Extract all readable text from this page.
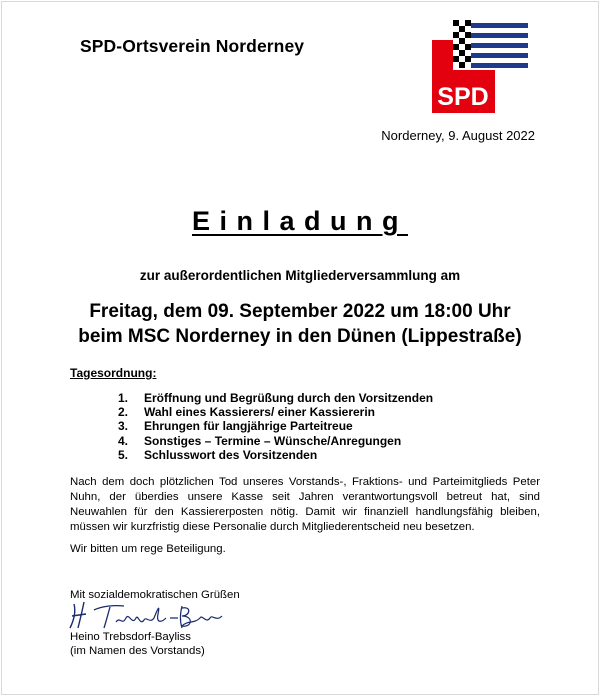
SPD-Ortsverein Norderney
SPD
Norderney, 9. August 2022
Einladung
zur außerordentlichen Mitgliederversammlung am
Freitag, dem 09. September 2022 um 18:00 Uhr
beim MSC Norderney in den Dünen (Lippestraße)
Tagesordnung:
1.	Eröffnung und Begrüßung durch den Vorsitzenden
2.	Wahl eines Kassierers/ einer Kassiererin
3.	Ehrungen für langjährige Parteitreue
4.	Sonstiges – Termine – Wünsche/Anregungen
5.	Schlusswort des Vorsitzenden

Nach dem doch plötzlichen Tod unseres Vorstands-, Fraktions- und Parteimitglieds Peter Nuhn, der überdies unsere Kasse seit Jahren verantwortungsvoll betreut hat, sind Neuwahlen für den Kassiererposten nötig. Damit wir finanziell handlungsfähig bleiben, müssen wir kurzfristig diese Personalie durch Mitgliederentscheid neu besetzen.

Wir bitten um rege Beteiligung.
Mit sozialdemokratischen Grüßen
Heino Trebsdorf-Bayliss
(im Namen des Vorstands)
